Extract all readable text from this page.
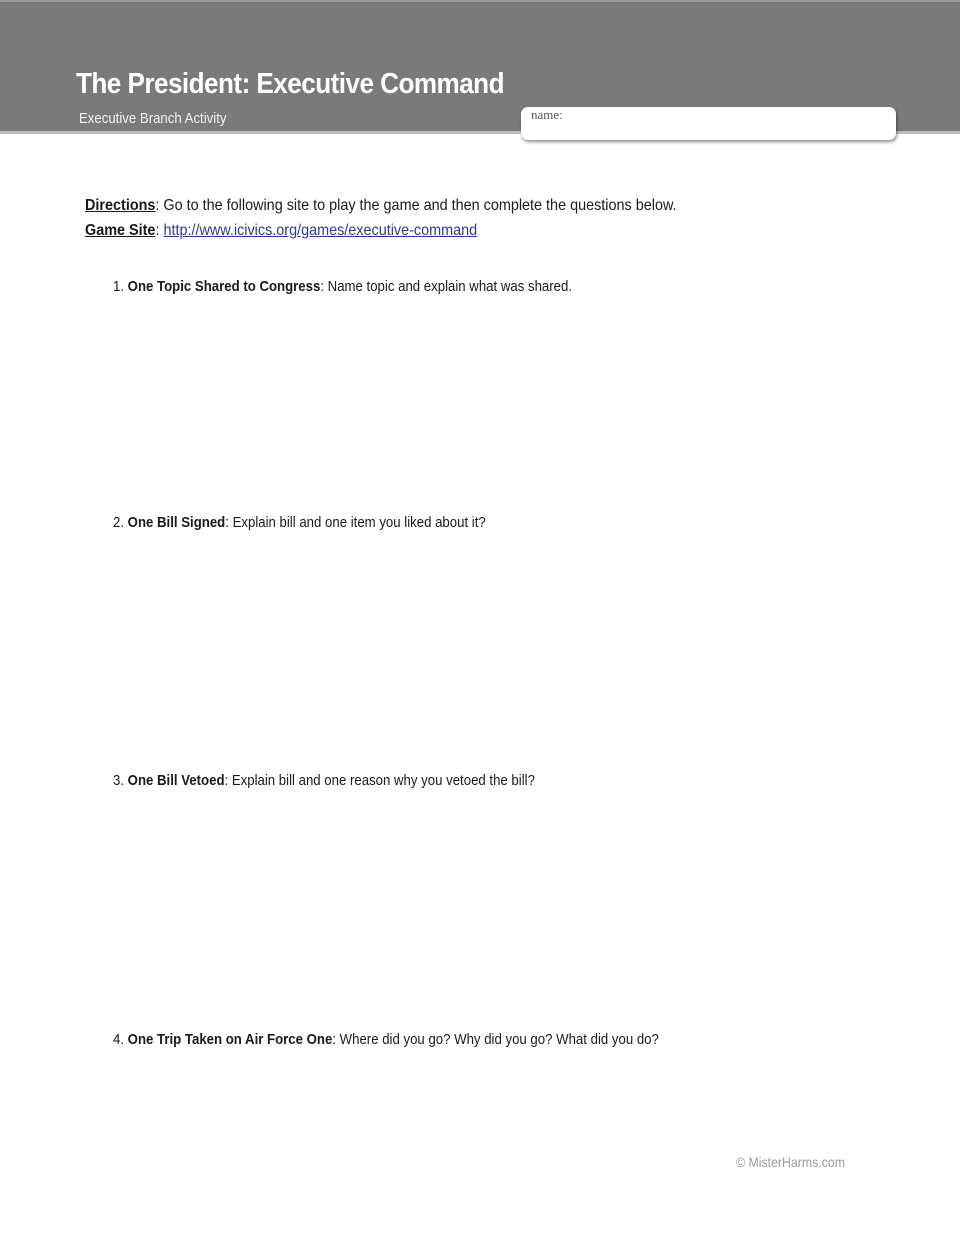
The President: Executive Command
Executive Branch Activity	name:
Directions: Go to the following site to play the game and then complete the questions below.
Game Site: http://www.icivics.org/games/executive-command
1. One Topic Shared to Congress: Name topic and explain what was shared.
2. One Bill Signed: Explain bill and one item you liked about it?
3. One Bill Vetoed: Explain bill and one reason why you vetoed the bill?
4. One Trip Taken on Air Force One: Where did you go? Why did you go? What did you do?
© MisterHarms.com
